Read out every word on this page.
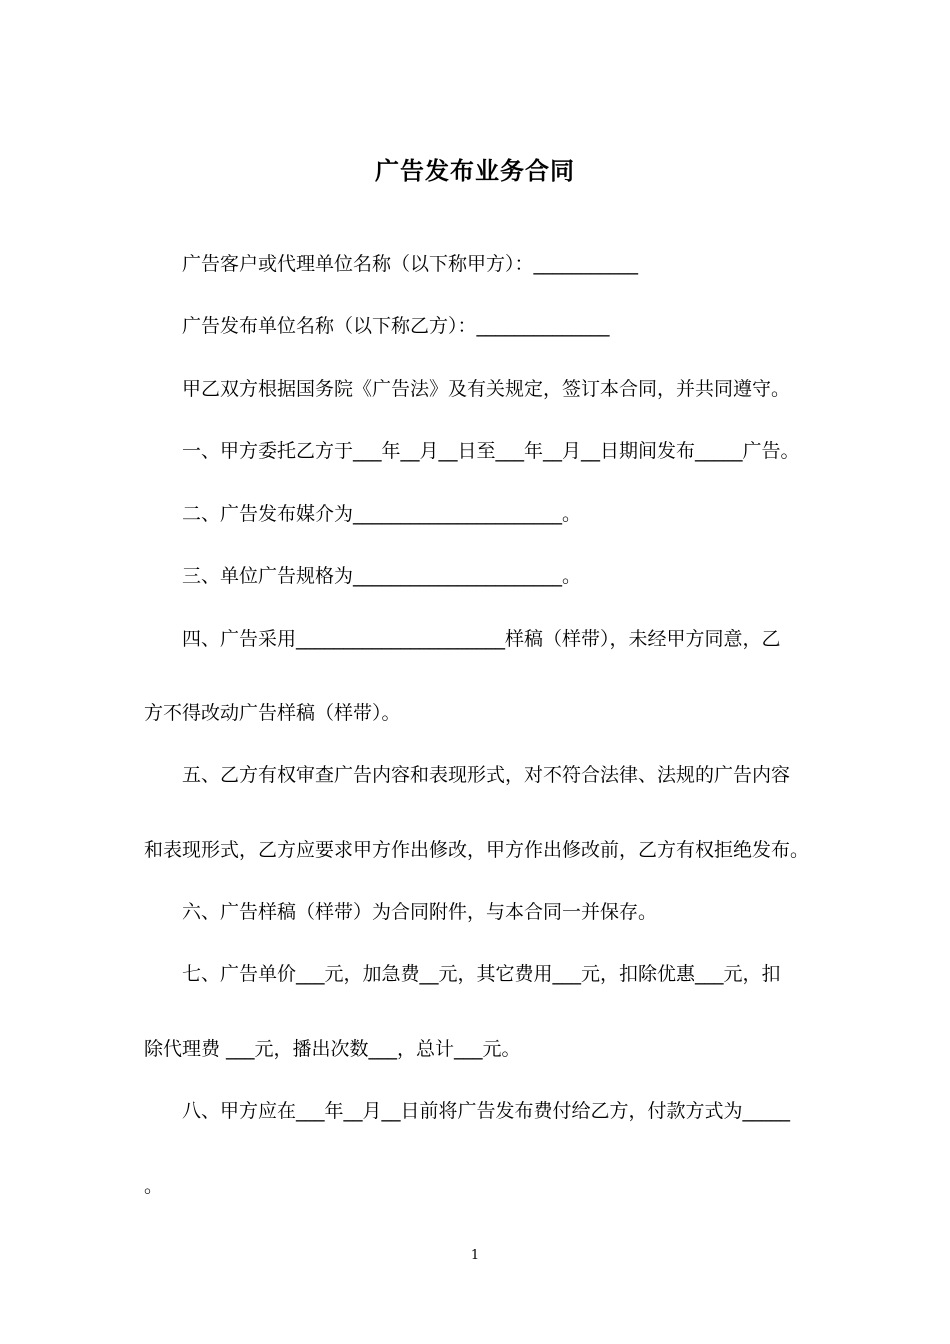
广告发布业务合同
广告客户或代理单位名称（以下称甲方）：___________
广告发布单位名称（以下称乙方）：______________
甲乙双方根据国务院《广告法》及有关规定，签订本合同，并共同遵守。
一、甲方委托乙方于___年__月__日至___年__月__日期间发布_____广告。
二、广告发布媒介为______________________。
三、单位广告规格为______________________。
四、广告采用______________________样稿（样带），未经甲方同意，乙
方不得改动广告样稿（样带）。
五、乙方有权审查广告内容和表现形式，对不符合法律、法规的广告内容
和表现形式，乙方应要求甲方作出修改，甲方作出修改前，乙方有权拒绝发布。
六、广告样稿（样带）为合同附件，与本合同一并保存。
七、广告单价___元，加急费__元，其它费用___元，扣除优惠___元，扣
除代理费 ___元，播出次数___，总计___元。
八、甲方应在___年__月__日前将广告发布费付给乙方，付款方式为_____
。
1
